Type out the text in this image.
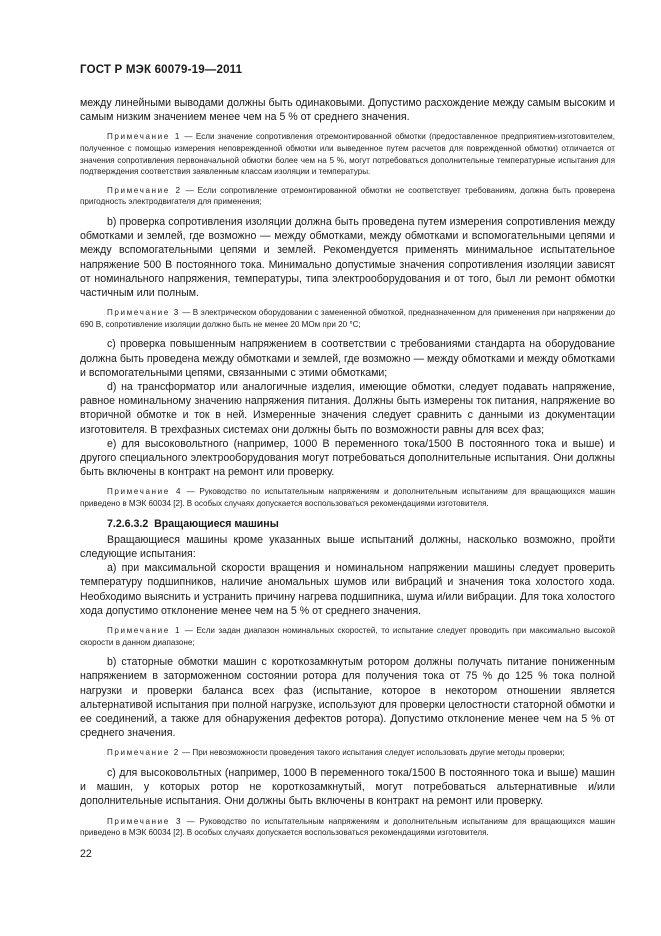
ГОСТ Р МЭК 60079-19—2011

между линейными выводами должны быть одинаковыми. Допустимо расхождение между самым высоким и самым низким значением менее чем на 5 % от среднего значения.

Примечание 1 — Если значение сопротивления отремонтированной обмотки (предоставленное предприятием-изготовителем, полученное с помощью измерения неповрежденной обмотки или выведенное путем расчетов для поврежденной обмотки) отличается от значения сопротивления первоначальной обмотки более чем на 5 %, могут потребоваться дополнительные температурные испытания для подтверждения соответствия заявленным классам изоляции и температуры.

Примечание 2 — Если сопротивление отремонтированной обмотки не соответствует требованиям, должна быть проверена пригодность электродвигателя для применения;

b) проверка сопротивления изоляции должна быть проведена путем измерения сопротивления между обмотками и землей, где возможно — между обмотками, между обмотками и вспомогательными цепями и между вспомогательными цепями и землей. Рекомендуется применять минимальное испытательное напряжение 500 В постоянного тока. Минимально допустимые значения сопротивления изоляции зависят от номинального напряжения, температуры, типа электрооборудования и от того, был ли ремонт обмотки частичным или полным.

Примечание 3 — В электрическом оборудовании с замененной обмоткой, предназначенном для применения при напряжении до 690 В, сопротивление изоляции должно быть не менее 20 МОм при 20 °С;

c) проверка повышенным напряжением в соответствии с требованиями стандарта на оборудование должна быть проведена между обмотками и землей, где возможно — между обмотками и между обмотками и вспомогательными цепями, связанными с этими обмотками;

d) на трансформатор или аналогичные изделия, имеющие обмотки, следует подавать напряжение, равное номинальному значению напряжения питания. Должны быть измерены ток питания, напряжение во вторичной обмотке и ток в ней. Измеренные значения следует сравнить с данными из документации изготовителя. В трехфазных системах они должны быть по возможности равны для всех фаз;

e) для высоковольтного (например, 1000 В переменного тока/1500 В постоянного тока и выше) и другого специального электрооборудования могут потребоваться дополнительные испытания. Они должны быть включены в контракт на ремонт или проверку.

Примечание 4 — Руководство по испытательным напряжениям и дополнительным испытаниям для вращающихся машин приведено в МЭК 60034 [2]. В особых случаях допускается воспользоваться рекомендациями изготовителя.

7.2.6.3.2 Вращающиеся машины

Вращающиеся машины кроме указанных выше испытаний должны, насколько возможно, пройти следующие испытания:

a) при максимальной скорости вращения и номинальном напряжении машины следует проверить температуру подшипников, наличие аномальных шумов или вибраций и значения тока холостого хода. Необходимо выяснить и устранить причину нагрева подшипника, шума и/или вибрации. Для тока холостого хода допустимо отклонение менее чем на 5 % от среднего значения.

Примечание 1 — Если задан диапазон номинальных скоростей, то испытание следует проводить при максимально высокой скорости в данном диапазоне;

b) статорные обмотки машин с короткозамкнутым ротором должны получать питание пониженным напряжением в заторможенном состоянии ротора для получения тока от 75 % до 125 % тока полной нагрузки и проверки баланса всех фаз (испытание, которое в некотором отношении является альтернативой испытания при полной нагрузке, используют для проверки целостности статорной обмотки и ее соединений, а также для обнаружения дефектов ротора). Допустимо отклонение менее чем на 5 % от среднего значения.

Примечание 2 — При невозможности проведения такого испытания следует использовать другие методы проверки;

c) для высоковольтных (например, 1000 В переменного тока/1500 В постоянного тока и выше) машин и машин, у которых ротор не короткозамкнутый, могут потребоваться альтернативные и/или дополнительные испытания. Они должны быть включены в контракт на ремонт или проверку.

Примечание 3 — Руководство по испытательным напряжениям и дополнительным испытаниям для вращающихся машин приведено в МЭК 60034 [2]. В особых случаях допускается воспользоваться рекомендациями изготовителя.

22
